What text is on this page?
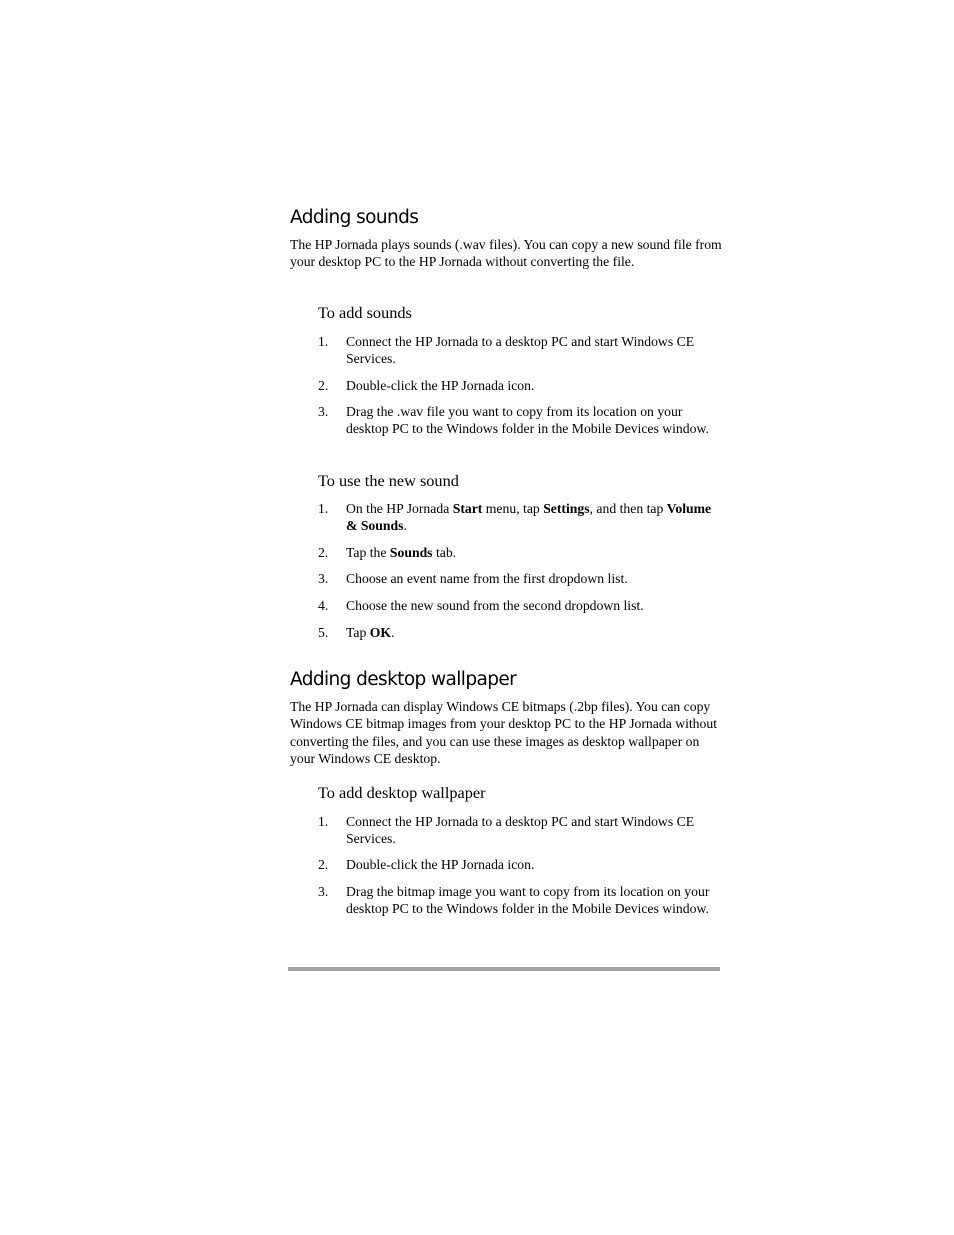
Adding sounds

The HP Jornada plays sounds (.wav files). You can copy a new sound file from your desktop PC to the HP Jornada without converting the file.

To add sounds
1. Connect the HP Jornada to a desktop PC and start Windows CE Services.
2. Double-click the HP Jornada icon.
3. Drag the .wav file you want to copy from its location on your desktop PC to the Windows folder in the Mobile Devices window.
To use the new sound
1. On the HP Jornada Start menu, tap Settings, and then tap Volume & Sounds.
2. Tap the Sounds tab.
3. Choose an event name from the first dropdown list.
4. Choose the new sound from the second dropdown list.
5. Tap OK.
Adding desktop wallpaper

The HP Jornada can display Windows CE bitmaps (.2bp files). You can copy Windows CE bitmap images from your desktop PC to the HP Jornada without converting the files, and you can use these images as desktop wallpaper on your Windows CE desktop.

To add desktop wallpaper
1. Connect the HP Jornada to a desktop PC and start Windows CE Services.
2. Double-click the HP Jornada icon.
3. Drag the bitmap image you want to copy from its location on your desktop PC to the Windows folder in the Mobile Devices window.
